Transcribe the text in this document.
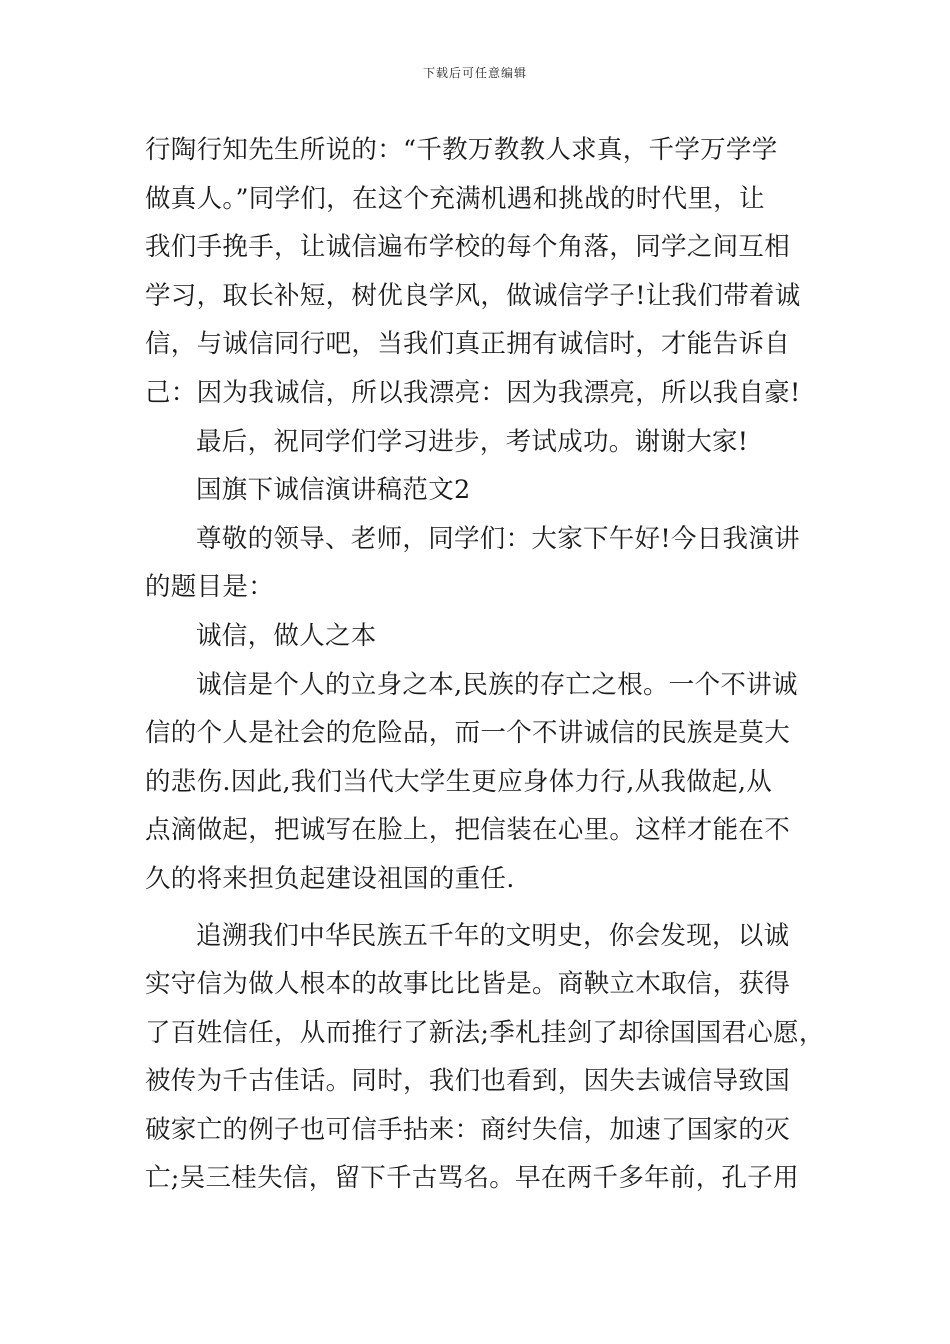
下载后可任意编辑

行陶行知先生所说的：“千教万教教人求真，千学万学学
做真人。”同学们，在这个充满机遇和挑战的时代里，让
我们手挽手，让诚信遍布学校的每个角落，同学之间互相
学习，取长补短，树优良学风，做诚信学子!让我们带着诚
信，与诚信同行吧，当我们真正拥有诚信时，才能告诉自
己：因为我诚信，所以我漂亮：因为我漂亮，所以我自豪!

最后，祝同学们学习进步，考试成功。谢谢大家!

国旗下诚信演讲稿范文2

尊敬的领导、老师，同学们：大家下午好!今日我演讲
的题目是：

诚信，做人之本

诚信是个人的立身之本,民族的存亡之根。一个不讲诚
信的个人是社会的危险品，而一个不讲诚信的民族是莫大
的悲伤.因此,我们当代大学生更应身体力行,从我做起,从
点滴做起，把诚写在脸上，把信装在心里。这样才能在不
久的将来担负起建设祖国的重任.

追溯我们中华民族五千年的文明史，你会发现，以诚
实守信为做人根本的故事比比皆是。商鞅立木取信，获得
了百姓信任，从而推行了新法;季札挂剑了却徐国国君心愿，
被传为千古佳话。同时，我们也看到，因失去诚信导致国
破家亡的例子也可信手拈来：商纣失信，加速了国家的灭
亡;吴三桂失信，留下千古骂名。早在两千多年前，孔子用
